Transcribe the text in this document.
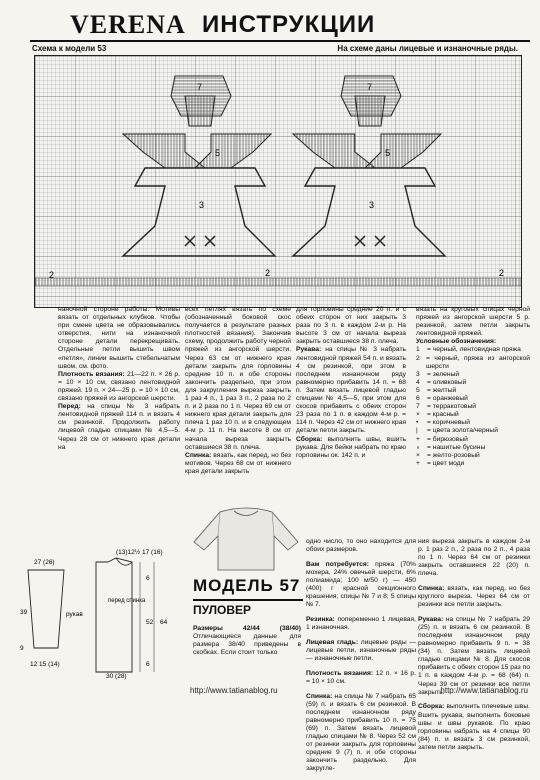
VERENA ИНСТРУКЦИИ
Схема к модели 53	На схеме даны лицевые и изнаночные ряды.
7	7
5	5
3	3
2	2	2

наночной стороне работы. Мотивы вязать от отдельных клубков. Чтобы при смене цвета не образовывались отверстия, нити на изнаночной стороне детали перекрещивать. Отдельные петли вышить швом «петля», линии вышить стебельчатым швом, см. фото.

Плотность вязания: 21—22 п. × 26 р. = 10 × 10 см, связано лентовидной пряжей. 19 п. × 24—25 р. = 10 × 10 см, связано пряжей из ангорской шерсти.

Перед: на спицы № 3 набрать лентовидной пряжей 114 п. и вязать 4 см резинкой. Продолжить работу лицевой гладью спицами № 4,5—5. Через 28 см от нижнего края детали на

всех петлях вязать по схеме (обозначенный боковой скос получается в результате разных плотностей вязания). Закончив схему, продолжить работу черной пряжей из ангорской шерсти. Через 63 см от нижнего края детали закрыть для горловины средние 10 п. и обе стороны закончить раздельно, при этом для закругления выреза закрыть 1 раз 4 п., 1 раз 3 п., 2 раза по 2 п. и 2 раза по 1 п. Через 69 см от нижнего края детали закрыть для плеча 1 раз 10 п. и в следующем 4-м р. 11 п. На высоте 8 см от начала выреза закрыть оставшиеся 38 п. плеча.

Спинка: вязать, как перед, но без мотивов. Через 68 см от нижнего края детали закрыть

для горловины средние 20 п. и с обеих сторон от них закрыть 3 раза по 3 п. в каждом 2-м р. На высоте 3 см от начала выреза закрыть оставшиеся 38 п. плеча.

Рукава: на спицы № 3 набрать лентовидной пряжей 54 п. и вязать 4 см резинкой, при этом в последнем изнаночном ряду равномерно прибавить 14 п. = 68 п. Затем вязать лицевой гладью спицами № 4,5—5, при этом для скосов прибавить с обеих сторон 23 раза по 1 п. в каждом 4-м р. = 114 п. Через 42 см от нижнего края детали петли закрыть.

Сборка: выполнить швы, вшить рукава. Для бейки набрать по краю горловины ок. 142 п. и

вязать на круговых спицах черной пряжей из ангорской шерсти 5 р. резинкой, затем петли закрыть лентовидной пряжей.

Условные обозначения:

1	= черный, лентовидная пряжа
2 = черный, пряжа из ангорской шерсти
3	= зеленый
4	= оливковый
5	= желтый
6	= оранжевый
7	= терракотовый
×	= красный
•	= коричневый
|	= цвета золота/черный
+	= бирюзовый
∘	= нашитые бусины
×	= желто-розовый
+	= цвет моди
(13)12½ 17 (16)
перед спинка
30 (28)
6
52 64
6
27 (26)
рукав
39
12 15 (14)
9
МОДЕЛЬ 57
ПУЛОВЕР
Размеры 42/44 (38/40) Отличающиеся данные для размера 38/40 приведены в скобках. Если стоит только

одно число, то оно находится для обоих размеров.

Вам потребуется: пряжа (70% мохера, 24% овечьей шерсти, 6% полиамида; 100 м/50 г) — 450 (400) г красной секционного крашения; спицы № 7 и 8; 5 спицы № 7.

Резинка: попеременно 1 лицевая, 1 изнаночная.

Лицевая гладь: лицевые ряды — лицевые петли, изнаночные ряды — изнаночные петли.

Плотность вязания: 12 п. × 16 р. = 10 × 10 см.

Спинка: на спицы № 7 набрать 65 (59) п. и вязать 6 см резинкой. В последнем изнаночном ряду равномерно прибавить 10 п. = 75 (69) п. Затем вязать лицевой гладью спицами № 8. Через 52 см от резинки закрыть для горловины средние 9 (7) п. и обе стороны закончить раздельно. Для закругле-

ния выреза закрыть в каждом 2-м р. 1 раз 2 п., 2 раза по 2 п., 4 раза по 1 п. Через 64 см от резинки закрыть оставшиеся 22 (20) п. плеча.

Спинка: вязать, как перед, но без круглого выреза. Через 64 см от резинки все петли закрыть.

Рукава: на спицы № 7 набрать 29 (25) п. и вязать 6 см резинкой. В последнем изнаночном ряду равномерно прибавить 9 п. = 38 (34) п. Затем вязать лицевой гладью спицами № 8. Для скосов прибавить с обеих сторон 15 раз по 1 п. в каждом 4-м р. = 68 (64) п. Через 39 см от резинки все петли закрыть.

Сборка: выполнить плечевые швы. Вшить рукава, выполнить боковые швы и швы рукавов. По краю горловины набрать на 4 спицы 90 (84) п. и вязать 3 см резинкой, затем петли закрыть.

http://www.tatianablog.ru	http://www.tatianablog.ru
